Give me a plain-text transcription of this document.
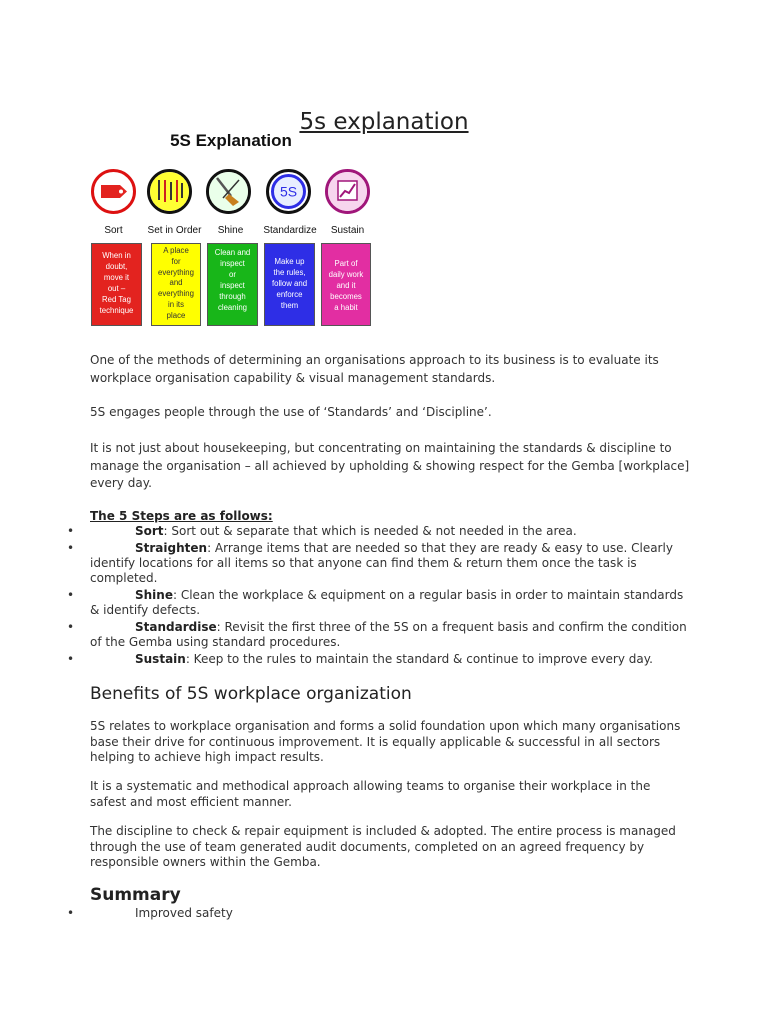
5s explanation
5S Explanation
5S
Sort	Set in Order	Shine	Standardize	Sustain
When in
doubt,
move it
out –
Red Tag
technique
A place
for
everything
and
everything
in its
place
Clean and
inspect
or
inspect
through
cleaning
Make up
the rules,
follow and
enforce
them
Part of
daily work
and it
becomes
a habit

One of the methods of determining an organisations approach to its business is to evaluate its workplace organisation capability & visual management standards.

5S engages people through the use of ‘Standards’ and ‘Discipline’.

It is not just about housekeeping, but concentrating on maintaining the standards & discipline to manage the organisation – all achieved by upholding & showing respect for the Gemba [workplace] every day.

The 5 Steps are as follows:
•	Sort: Sort out & separate that which is needed & not needed in the area.
•	Straighten: Arrange items that are needed so that they are ready & easy to use. Clearly identify locations for all items so that anyone can find them & return them once the task is completed.
•	Shine: Clean the workplace & equipment on a regular basis in order to maintain standards & identify defects.
•	Standardise: Revisit the first three of the 5S on a frequent basis and confirm the condition of the Gemba using standard procedures.
•	Sustain: Keep to the rules to maintain the standard & continue to improve every day.
Benefits of 5S workplace organization

5S relates to workplace organisation and forms a solid foundation upon which many organisations base their drive for continuous improvement. It is equally applicable & successful in all sectors helping to achieve high impact results.

It is a systematic and methodical approach allowing teams to organise their workplace in the safest and most efficient manner.

The discipline to check & repair equipment is included & adopted. The entire process is managed through the use of team generated audit documents, completed on an agreed frequency by responsible owners within the Gemba.

Summary
•	Improved safety
